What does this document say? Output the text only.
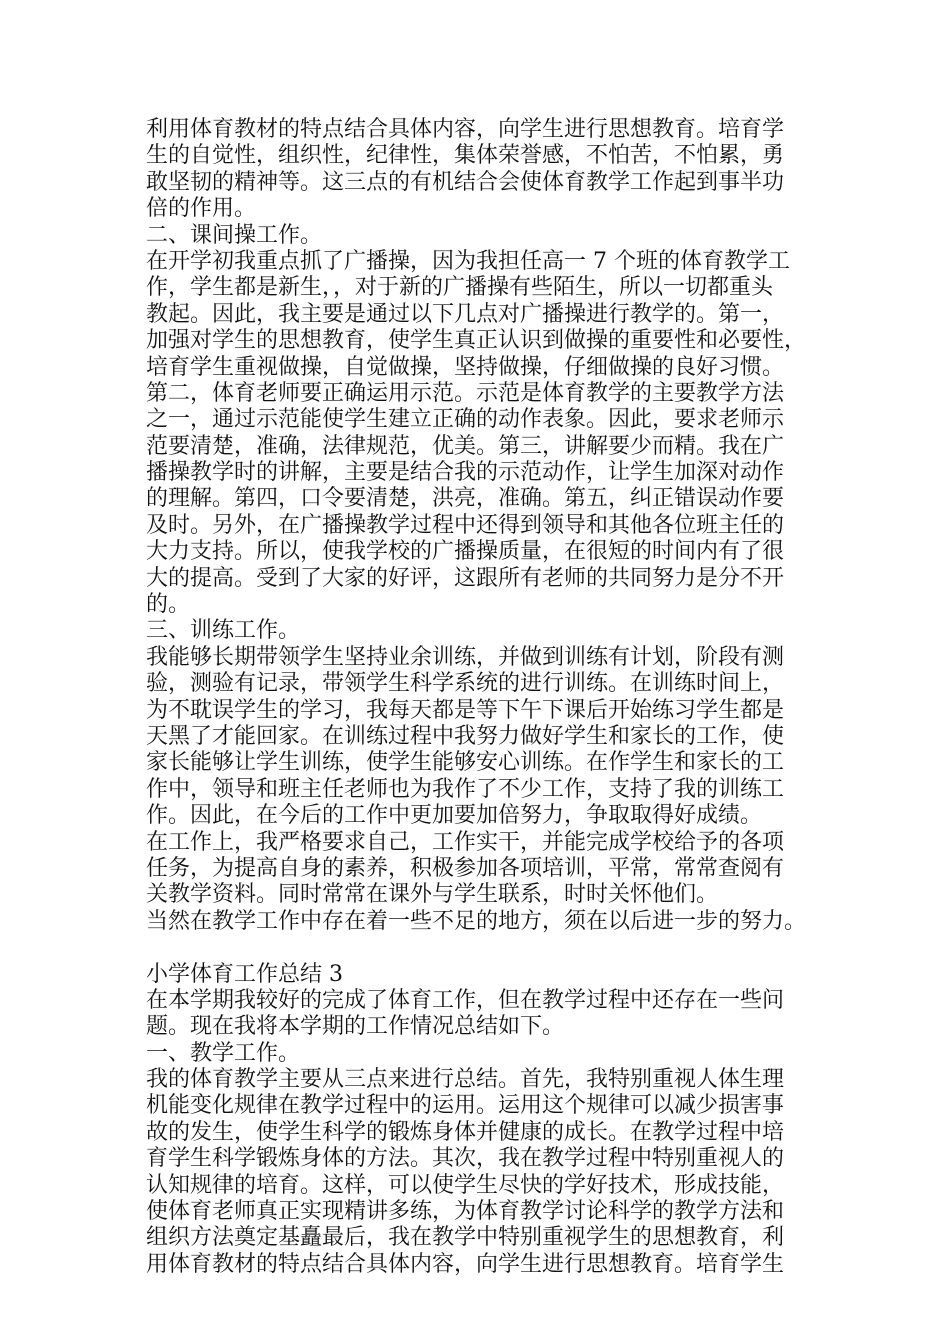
利用体育教材的特点结合具体内容，向学生进行思想教育。培育学
生的自觉性，组织性，纪律性，集体荣誉感，不怕苦，不怕累，勇
敢坚韧的精神等。这三点的有机结合会使体育教学工作起到事半功
倍的作用。
二、课间操工作。
在开学初我重点抓了广播操，因为我担任高一 7 个班的体育教学工
作，学生都是新生，，对于新的广播操有些陌生，所以一切都重头
教起。因此，我主要是通过以下几点对广播操进行教学的。第一，
加强对学生的思想教育，使学生真正认识到做操的重要性和必要性，
培育学生重视做操，自觉做操，坚持做操，仔细做操的良好习惯。
第二，体育老师要正确运用示范。示范是体育教学的主要教学方法
之一，通过示范能使学生建立正确的动作表象。因此，要求老师示
范要清楚，准确，法律规范，优美。第三，讲解要少而精。我在广
播操教学时的讲解，主要是结合我的示范动作，让学生加深对动作
的理解。第四，口令要清楚，洪亮，准确。第五，纠正错误动作要
及时。另外，在广播操教学过程中还得到领导和其他各位班主任的
大力支持。所以，使我学校的广播操质量，在很短的时间内有了很
大的提高。受到了大家的好评，这跟所有老师的共同努力是分不开
的。
三、训练工作。
我能够长期带领学生坚持业余训练，并做到训练有计划，阶段有测
验，测验有记录，带领学生科学系统的进行训练。在训练时间上，
为不耽误学生的学习，我每天都是等下午下课后开始练习学生都是
天黑了才能回家。在训练过程中我努力做好学生和家长的工作，使
家长能够让学生训练，使学生能够安心训练。在作学生和家长的工
作中，领导和班主任老师也为我作了不少工作，支持了我的训练工
作。因此，在今后的工作中更加要加倍努力，争取取得好成绩。
在工作上，我严格要求自己，工作实干，并能完成学校给予的各项
任务，为提高自身的素养，积极参加各项培训，平常，常常查阅有
关教学资料。同时常常在课外与学生联系，时时关怀他们。
当然在教学工作中存在着一些不足的地方，须在以后进一步的努力。
小学体育工作总结 3
在本学期我较好的完成了体育工作，但在教学过程中还存在一些问
题。现在我将本学期的工作情况总结如下。
一、教学工作。
我的体育教学主要从三点来进行总结。首先，我特别重视人体生理
机能变化规律在教学过程中的运用。运用这个规律可以减少损害事
故的发生，使学生科学的锻炼身体并健康的成长。在教学过程中培
育学生科学锻炼身体的方法。其次，我在教学过程中特别重视人的
认知规律的培育。这样，可以使学生尽快的学好技术，形成技能，
使体育老师真正实现精讲多练，为体育教学讨论科学的教学方法和
组织方法奠定基矗最后，我在教学中特别重视学生的思想教育，利
用体育教材的特点结合具体内容，向学生进行思想教育。培育学生
